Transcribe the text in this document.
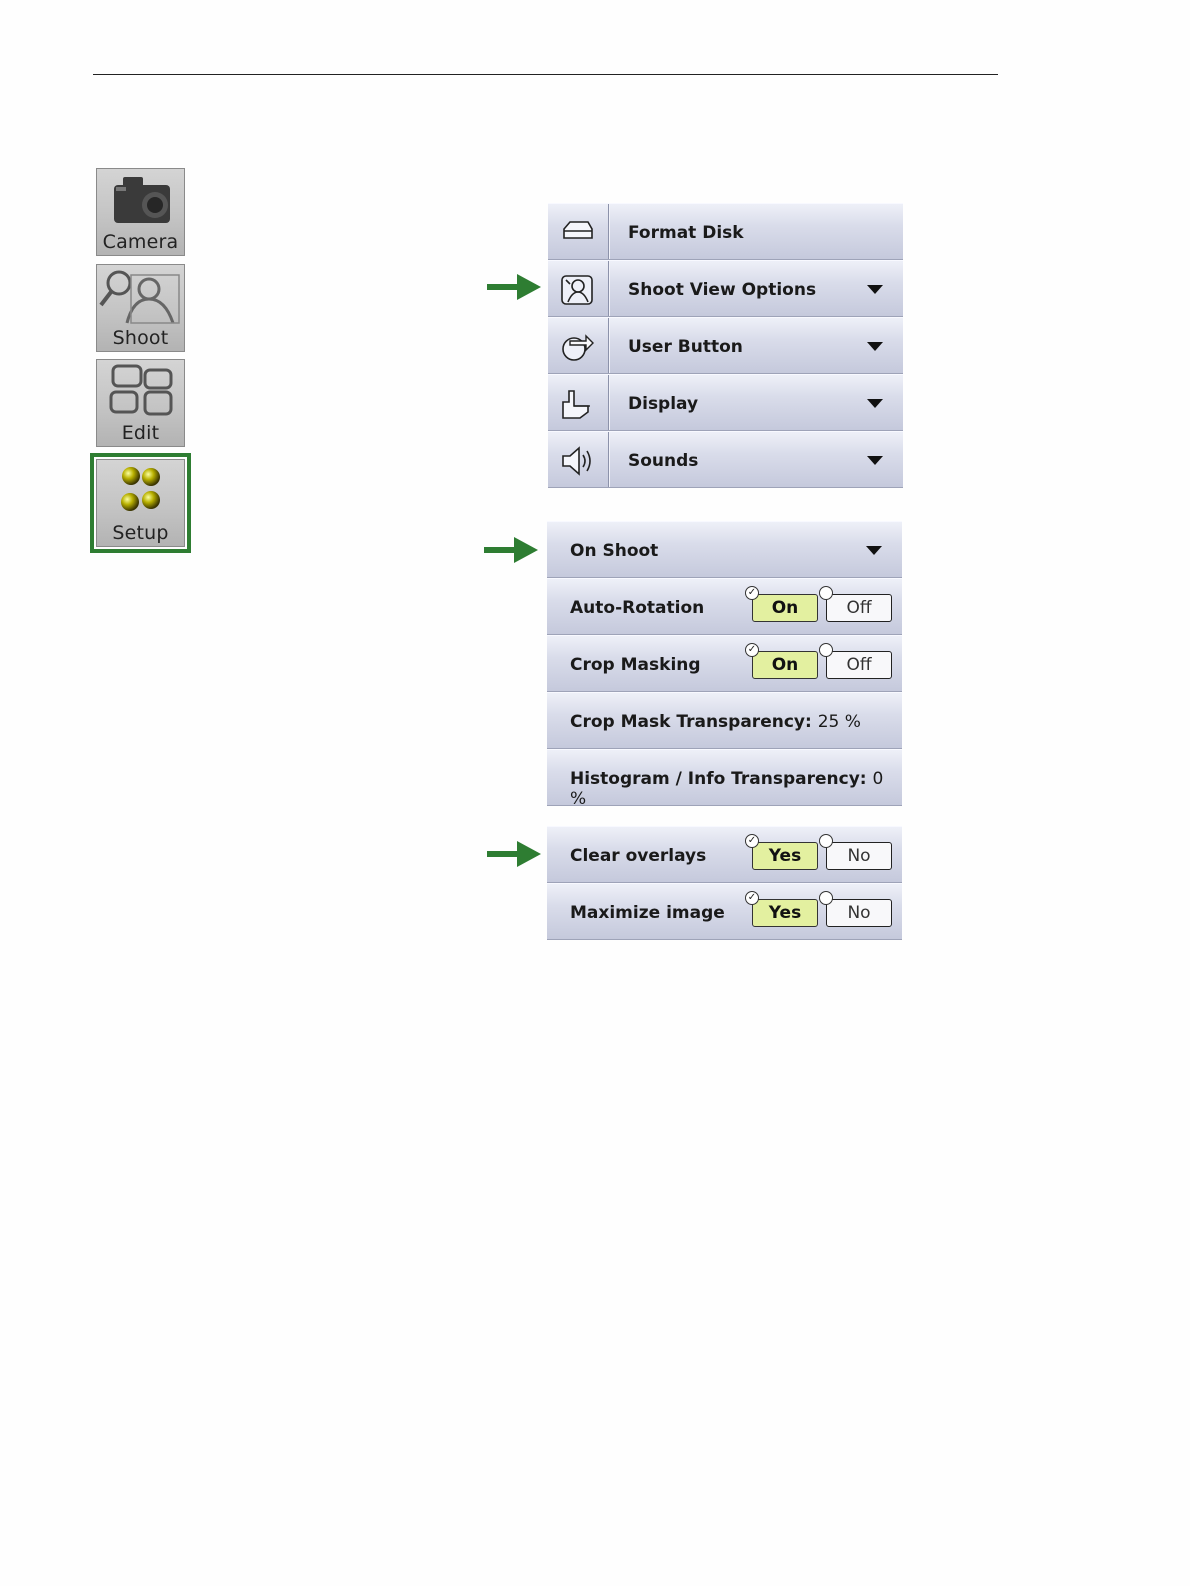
Camera
Shoot
Edit
Setup
Format Disk
Shoot View Options
User Button
Display
Sounds
On Shoot
Auto-Rotation
✓
On	Off
Crop Masking
✓
On	Off
Crop Mask Transparency: 25 %
Histogram / Info Transparency: 0 %
Clear overlays
✓
Yes	No
Maximize image
✓
Yes	No
